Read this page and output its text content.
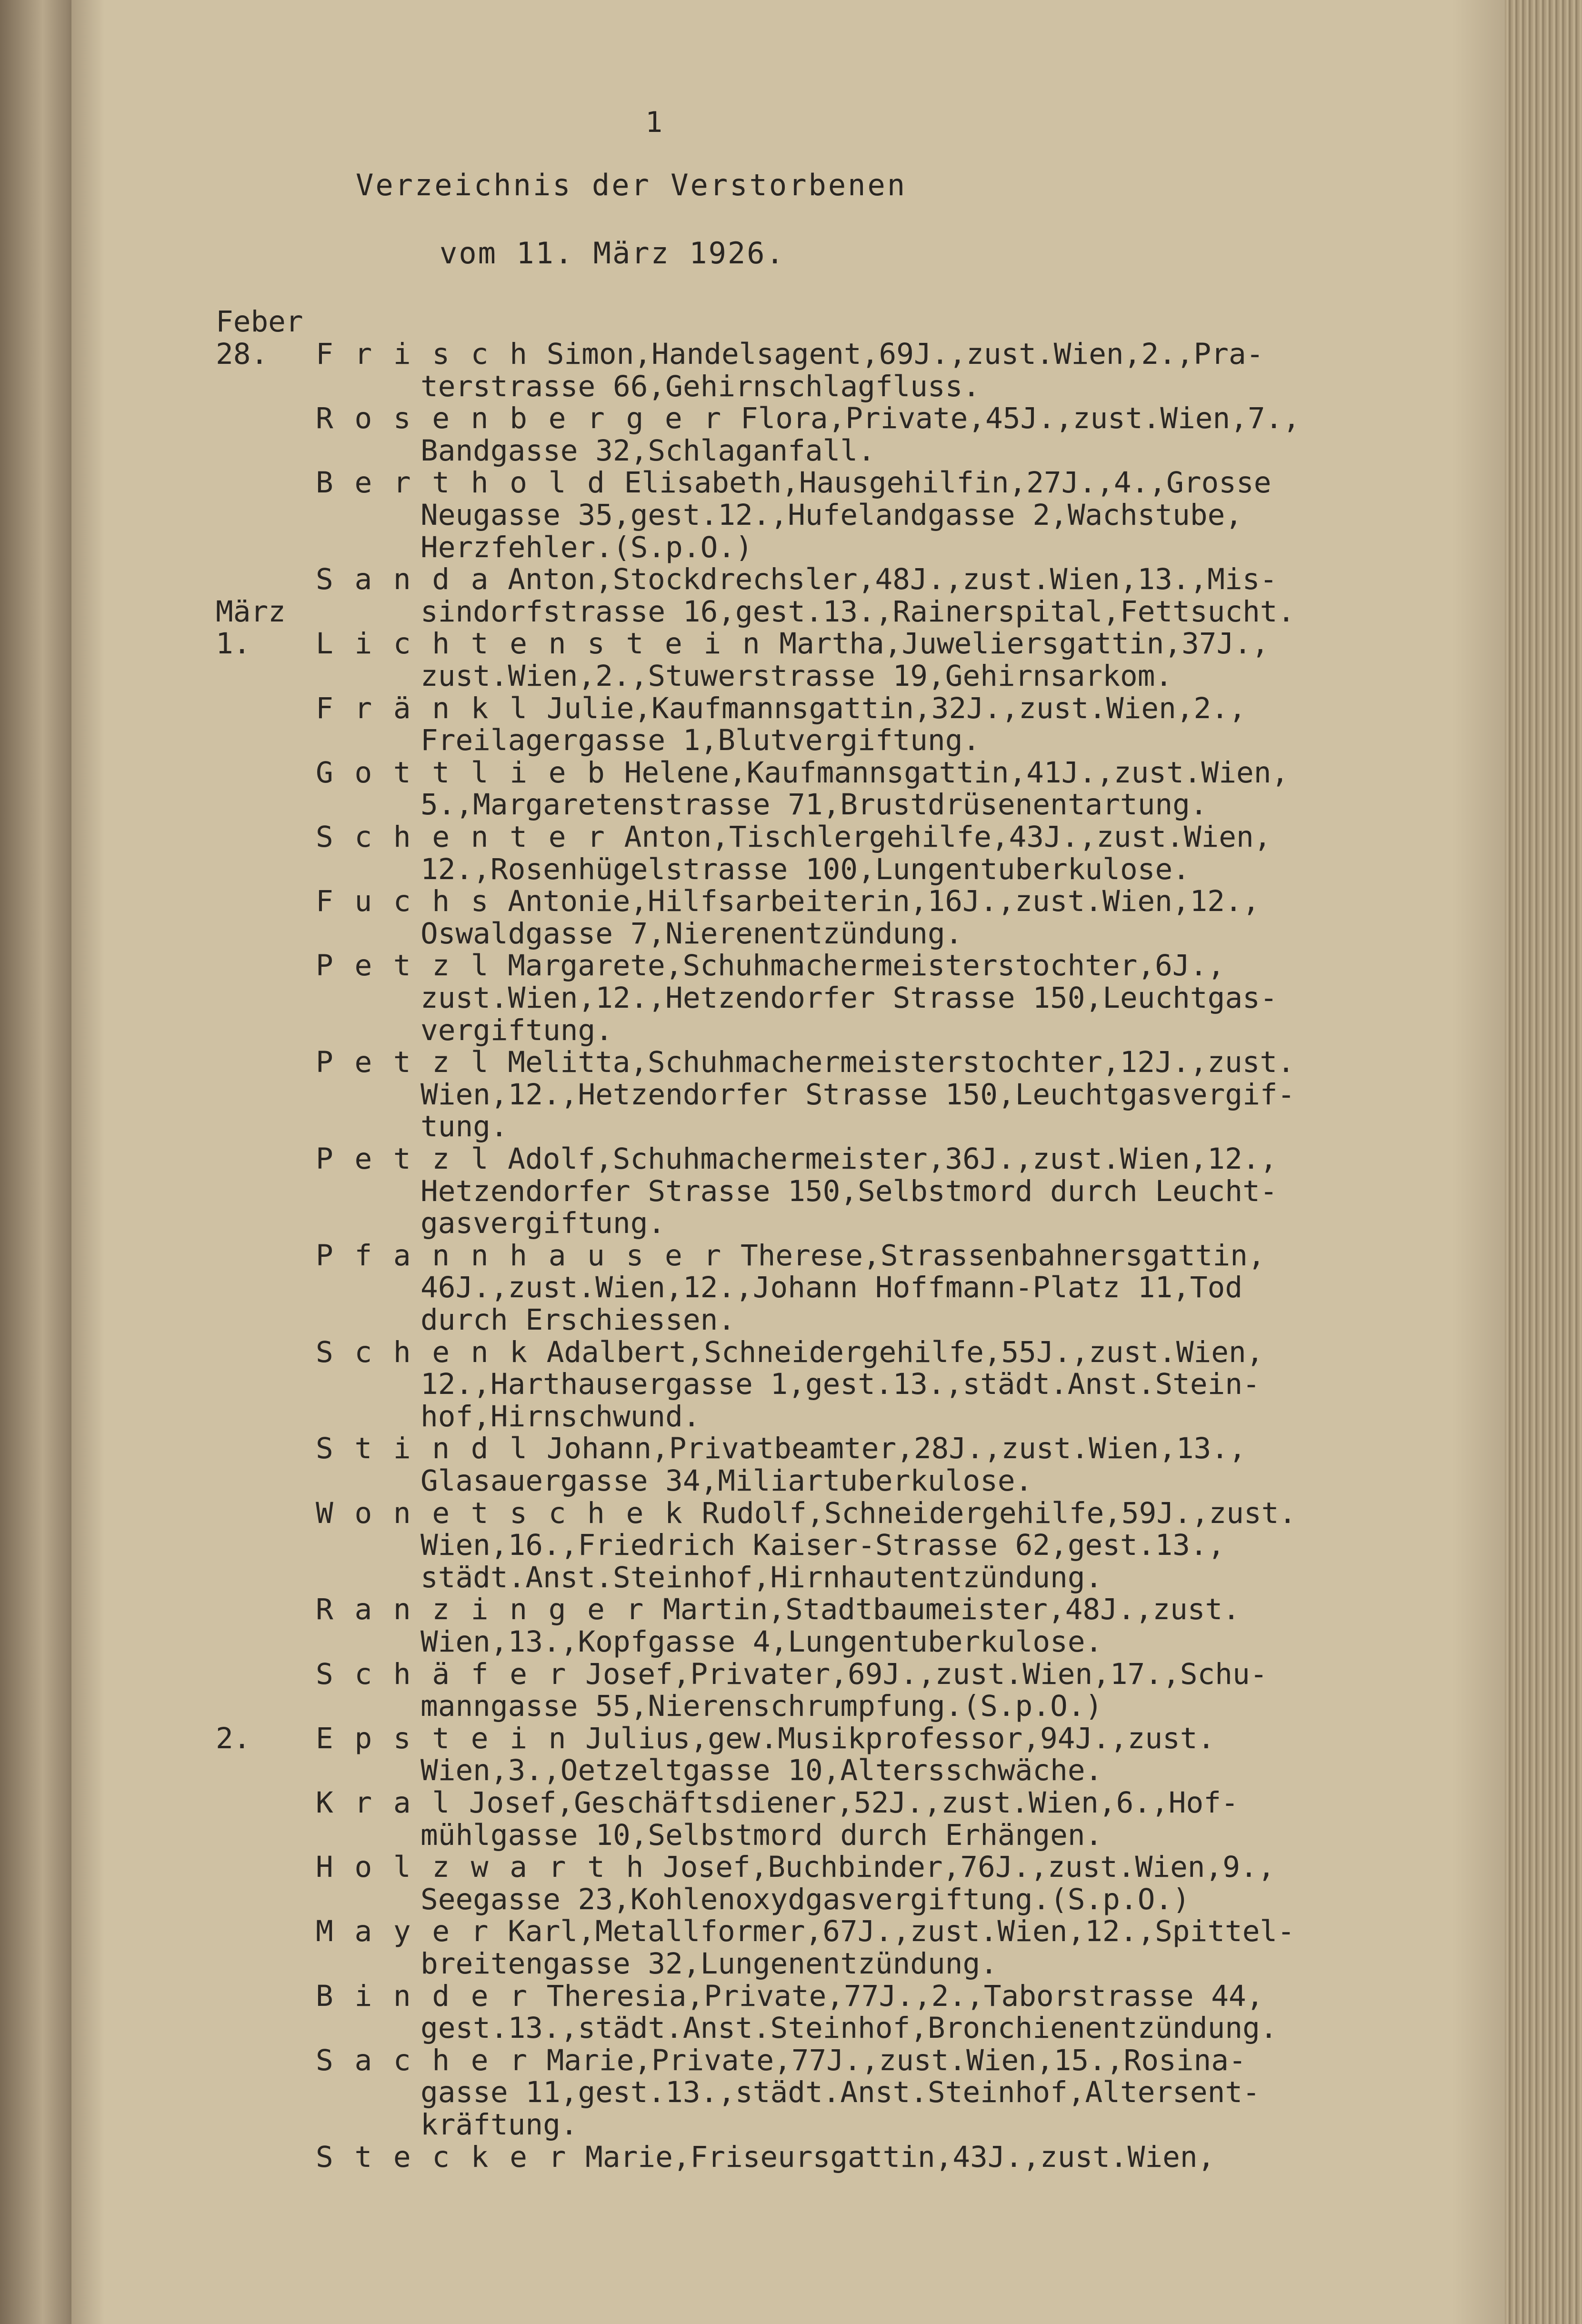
1
Verzeichnis der Verstorbenen
vom 11. März 1926.
Feber
28.
März
1.
2.
F r i s c h Simon,Handelsagent,69J.,zust.Wien,2.,Pra-
terstrasse 66,Gehirnschlagfluss.
R o s e n b e r g e r Flora,Private,45J.,zust.Wien,7.,
Bandgasse 32,Schlaganfall.
B e r t h o l d Elisabeth,Hausgehilfin,27J.,4.,Grosse
Neugasse 35,gest.12.,Hufelandgasse 2,Wachstube,
Herzfehler.(S.p.O.)
S a n d a Anton,Stockdrechsler,48J.,zust.Wien,13.,Mis-
sindorfstrasse 16,gest.13.,Rainerspital,Fettsucht.
L i c h t e n s t e i n Martha,Juweliersgattin,37J.,
zust.Wien,2.,Stuwerstrasse 19,Gehirnsarkom.
F r ä n k l Julie,Kaufmannsgattin,32J.,zust.Wien,2.,
Freilagergasse 1,Blutvergiftung.
G o t t l i e b Helene,Kaufmannsgattin,41J.,zust.Wien,
5.,Margaretenstrasse 71,Brustdrüsenentartung.
S c h e n t e r Anton,Tischlergehilfe,43J.,zust.Wien,
12.,Rosenhügelstrasse 100,Lungentuberkulose.
F u c h s Antonie,Hilfsarbeiterin,16J.,zust.Wien,12.,
Oswaldgasse 7,Nierenentzündung.
P e t z l Margarete,Schuhmachermeisterstochter,6J.,
zust.Wien,12.,Hetzendorfer Strasse 150,Leuchtgas-
vergiftung.
P e t z l Melitta,Schuhmachermeisterstochter,12J.,zust.
Wien,12.,Hetzendorfer Strasse 150,Leuchtgasvergif-
tung.
P e t z l Adolf,Schuhmachermeister,36J.,zust.Wien,12.,
Hetzendorfer Strasse 150,Selbstmord durch Leucht-
gasvergiftung.
P f a n n h a u s e r Therese,Strassenbahnersgattin,
46J.,zust.Wien,12.,Johann Hoffmann-Platz 11,Tod
durch Erschiessen.
S c h e n k Adalbert,Schneidergehilfe,55J.,zust.Wien,
12.,Harthausergasse 1,gest.13.,städt.Anst.Stein-
hof,Hirnschwund.
S t i n d l Johann,Privatbeamter,28J.,zust.Wien,13.,
Glasauergasse 34,Miliartuberkulose.
W o n e t s c h e k Rudolf,Schneidergehilfe,59J.,zust.
Wien,16.,Friedrich Kaiser-Strasse 62,gest.13.,
städt.Anst.Steinhof,Hirnhautentzündung.
R a n z i n g e r Martin,Stadtbaumeister,48J.,zust.
Wien,13.,Kopfgasse 4,Lungentuberkulose.
S c h ä f e r Josef,Privater,69J.,zust.Wien,17.,Schu-
manngasse 55,Nierenschrumpfung.(S.p.O.)
E p s t e i n Julius,gew.Musikprofessor,94J.,zust.
Wien,3.,Oetzeltgasse 10,Altersschwäche.
K r a l Josef,Geschäftsdiener,52J.,zust.Wien,6.,Hof-
mühlgasse 10,Selbstmord durch Erhängen.
H o l z w a r t h Josef,Buchbinder,76J.,zust.Wien,9.,
Seegasse 23,Kohlenoxydgasvergiftung.(S.p.O.)
M a y e r Karl,Metallformer,67J.,zust.Wien,12.,Spittel-
breitengasse 32,Lungenentzündung.
B i n d e r Theresia,Private,77J.,2.,Taborstrasse 44,
gest.13.,städt.Anst.Steinhof,Bronchienentzündung.
S a c h e r Marie,Private,77J.,zust.Wien,15.,Rosina-
gasse 11,gest.13.,städt.Anst.Steinhof,Altersent-
kräftung.
S t e c k e r Marie,Friseursgattin,43J.,zust.Wien,
